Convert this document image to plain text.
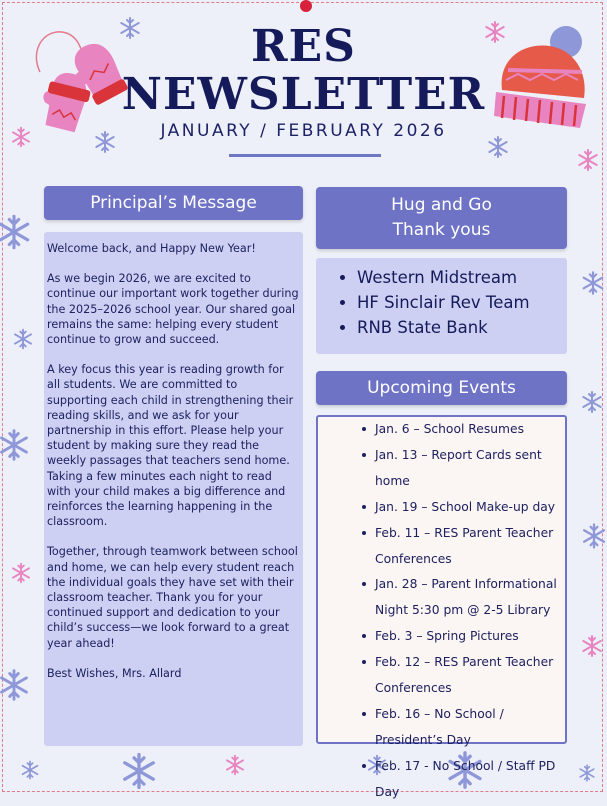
RES
NEWSLETTER
JANUARY / FEBRUARY 2026
Principal’s Message

Welcome back, and Happy New Year!

As we begin 2026, we are excited to continue our important work together during the 2025–2026 school year. Our shared goal remains the same: helping every student continue to grow and succeed.

A key focus this year is reading growth for all students. We are committed to supporting each child in strengthening their reading skills, and we ask for your partnership in this effort. Please help your student by making sure they read the weekly passages that teachers send home. Taking a few minutes each night to read with your child makes a big difference and reinforces the learning happening in the classroom.

Together, through teamwork between school and home, we can help every student reach the individual goals they have set with their classroom teacher. Thank you for your continued support and dedication to your child’s success—we look forward to a great year ahead!

Best Wishes, Mrs. Allard

Hug and Go
Thank yous
• Western Midstream
• HF Sinclair Rev Team
• RNB State Bank
Upcoming Events
Jan. 6 – School Resumes
Jan. 13 – Report Cards sent home
Jan. 19 – School Make-up day
Feb. 11 – RES Parent Teacher Conferences
Jan. 28 – Parent Informational Night 5:30 pm @ 2-5 Library
Feb. 3 – Spring Pictures
Feb. 12 – RES Parent Teacher Conferences
Feb. 16 – No School / President’s Day
Feb. 17 - No School / Staff PD Day
